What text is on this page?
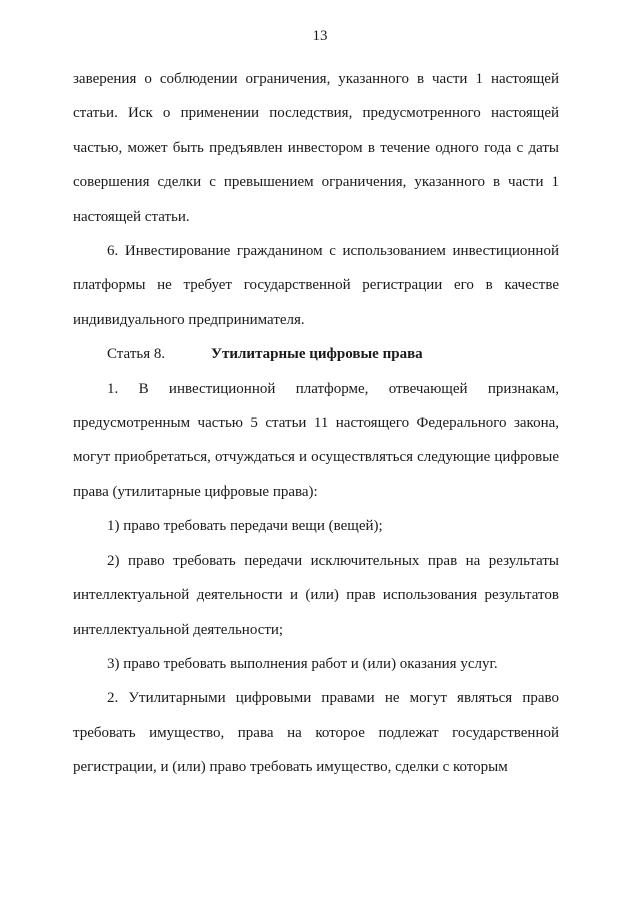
13

заверения о соблюдении ограничения, указанного в части 1 настоящей статьи. Иск о применении последствия, предусмотренного настоящей частью, может быть предъявлен инвестором в течение одного года с даты совершения сделки с превышением ограничения, указанного в части 1 настоящей статьи.

6. Инвестирование гражданином с использованием инвестиционной платформы не требует государственной регистрации его в качестве индивидуального предпринимателя.

Статья 8.	Утилитарные цифровые права

1. В инвестиционной платформе, отвечающей признакам, предусмотренным частью 5 статьи 11 настоящего Федерального закона, могут приобретаться, отчуждаться и осуществляться следующие цифровые права (утилитарные цифровые права):

1) право требовать передачи вещи (вещей);

2) право требовать передачи исключительных прав на результаты интеллектуальной деятельности и (или) прав использования результатов интеллектуальной деятельности;

3) право требовать выполнения работ и (или) оказания услуг.

2. Утилитарными цифровыми правами не могут являться право требовать имущество, права на которое подлежат государственной регистрации, и (или) право требовать имущество, сделки с которым
